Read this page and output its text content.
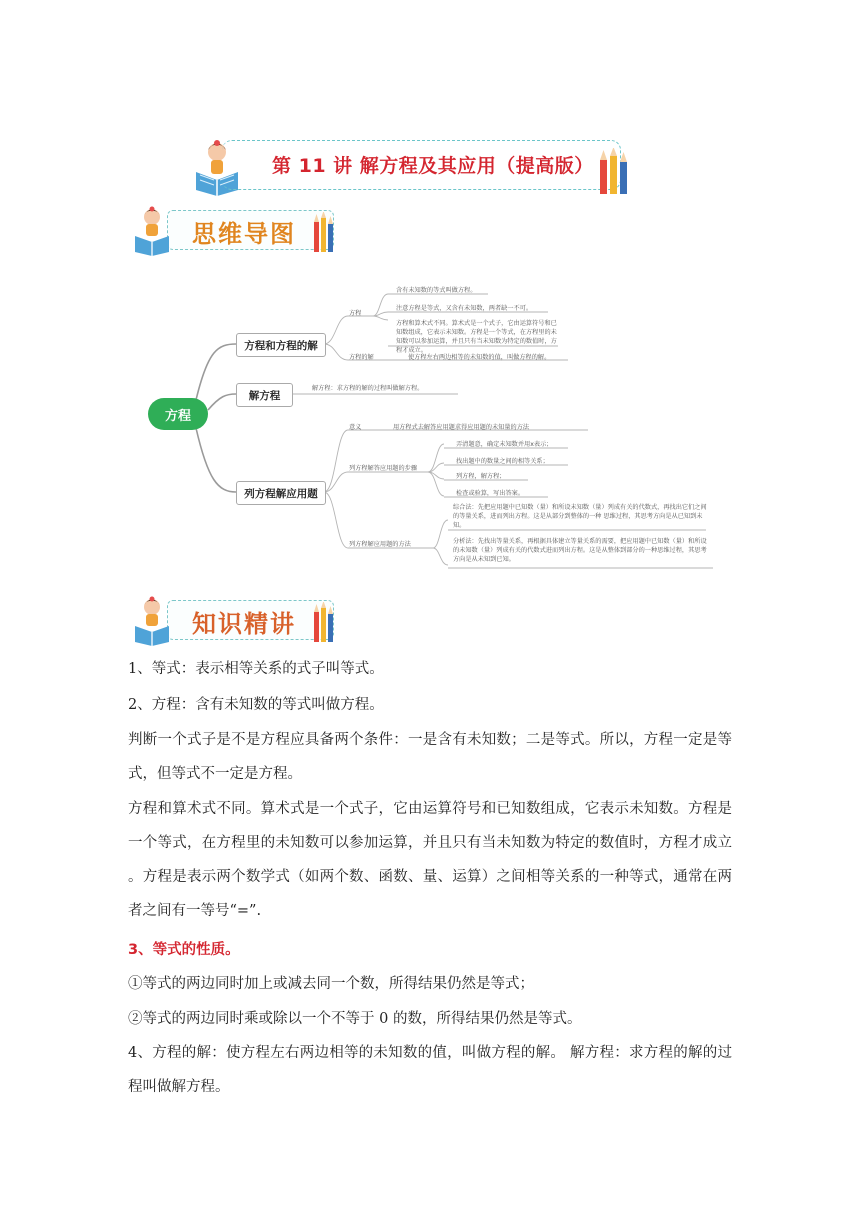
第 11 讲 解方程及其应用（提高版）
思维导图
方程
方程和方程的解
解方程
列方程解应用题
方程
含有未知数的等式叫做方程。
注意方程是等式，又含有未知数，两者缺一不可。
方程和算术式不同。算术式是一个式子，它由运算符号和已知数组成，它表示未知数。方程是一个等式，在方程里的未知数可以参加运算，并且只有当未知数为特定的数值时，方程才成立。
方程的解	使方程左右两边相等的未知数的值，叫做方程的解。
解方程：求方程的解的过程叫做解方程。
意义	用方程式去解答应用题求得应用题的未知量的方法
列方程解答应用题的步骤
弄清题意，确定未知数并用x表示；
找出题中的数量之间的相等关系；
列方程，解方程；
检查或验算，写出答案。
列方程解应用题的方法
综合法：先把应用题中已知数（量）和所设未知数（量）列成有关的代数式，再找出它们之间的等量关系，进而列出方程。这是从部分到整体的一种 思维过程，其思考方向是从已知到未知。
分析法：先找出等量关系，再根据具体建立等量关系的需要，把应用题中已知数（量）和所设的未知数（量）列成有关的代数式进而列出方程。这是从整体到部分的一种思维过程，其思考方向是从未知到已知。
知识精讲
1、等式：表示相等关系的式子叫等式。
2、方程：含有未知数的等式叫做方程。
判断一个式子是不是方程应具备两个条件：一是含有未知数；二是等式。所以，方程一定是等式，但等式不一定是方程。
方程和算术式不同。算术式是一个式子，它由运算符号和已知数组成，它表示未知数。方程是一个等式，在方程里的未知数可以参加运算，并且只有当未知数为特定的数值时，方程才成立 。方程是表示两个数学式（如两个数、函数、量、运算）之间相等关系的一种等式，通常在两者之间有一等号“=”.
3、等式的性质。
①等式的两边同时加上或减去同一个数，所得结果仍然是等式；
②等式的两边同时乘或除以一个不等于 0 的数，所得结果仍然是等式。
4、方程的解：使方程左右两边相等的未知数的值，叫做方程的解。 解方程：求方程的解的过程叫做解方程。
